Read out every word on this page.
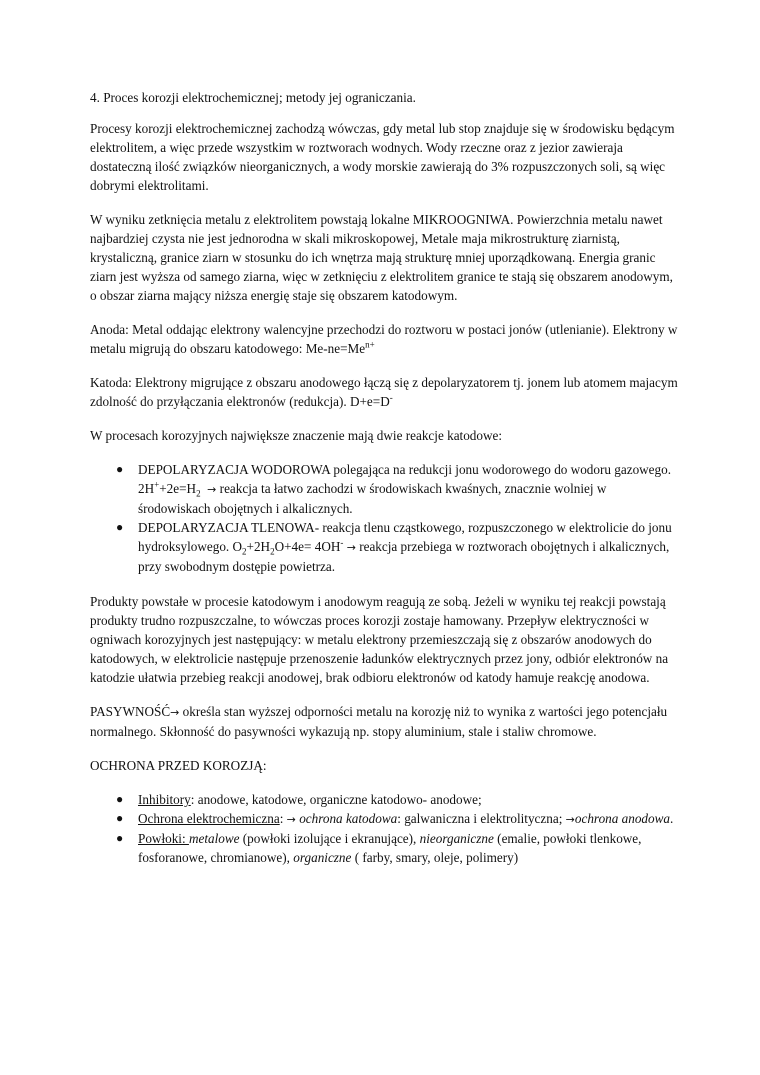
4. Proces korozji elektrochemicznej; metody jej ograniczania.

Procesy korozji elektrochemicznej zachodzą wówczas, gdy metal lub stop znajduje się w środowisku będącym elektrolitem, a więc przede wszystkim w roztworach wodnych. Wody rzeczne oraz z jezior zawieraja dostateczną ilość związków nieorganicznych, a wody morskie zawierają do 3% rozpuszczonych soli, są więc dobrymi elektrolitami.

W wyniku zetknięcia metalu z elektrolitem powstają lokalne MIKROOGNIWA. Powierzchnia metalu nawet najbardziej czysta nie jest jednorodna w skali mikroskopowej, Metale maja mikrostrukturę ziarnistą, krystaliczną, granice ziarn w stosunku do ich wnętrza mają strukturę mniej uporządkowaną. Energia granic ziarn jest wyższa od samego ziarna, więc w zetknięciu z elektrolitem granice te stają się obszarem anodowym, o obszar ziarna mający niższa energię staje się obszarem katodowym.

Anoda: Metal oddając elektrony walencyjne przechodzi do roztworu w postaci jonów (utlenianie). Elektrony w metalu migrują do obszaru katodowego: $Me-ne=Me^{n+}$

Katoda: Elektrony migrujące z obszaru anodowego łączą się z depolaryzatorem tj. jonem lub atomem majacym zdolność do przyłączania elektronów (redukcja). D+e=D-

W procesach korozyjnych największe znaczenie mają dwie reakcje katodowe:

● DEPOLARYZACJA WODOROWA polegająca na redukcji jonu wodorowego do wodoru gazowego. $2H^++2e=H_2$ → reakcja ta łatwo zachodzi w środowiskach kwaśnych, znacznie wolniej w środowiskach obojętnych i alkalicznych.
● DEPOLARYZACJA TLENOWA- reakcja tlenu cząstkowego, rozpuszczonego w elektrolicie do jonu hydroksylowego. $O_2+2H_2O+4e= 4OH^-$ → reakcja przebiega w roztworach obojętnych i alkalicznych, przy swobodnym dostępie powietrza.

Produkty powstałe w procesie katodowym i anodowym reagują ze sobą. Jeżeli w wyniku tej reakcji powstają produkty trudno rozpuszczalne, to wówczas proces korozji zostaje hamowany. Przepływ elektryczności w ogniwach korozyjnych jest następujący: w metalu elektrony przemieszczają się z obszarów anodowych do katodowych, w elektrolicie następuje przenoszenie ładunków elektrycznych przez jony, odbiór elektronów na katodzie ułatwia przebieg reakcji anodowej, brak odbioru elektronów od katody hamuje reakcję anodowa.

PASYWNOŚĆ→ określa stan wyższej odporności metalu na korozję niż to wynika z wartości jego potencjału normalnego. Skłonność do pasywności wykazują np. stopy aluminium, stale i staliw chromowe.

OCHRONA PRZED KOROZJĄ:

● Inhibitory: anodowe, katodowe, organiczne katodowo- anodowe;
● Ochrona elektrochemiczna: → ochrona katodowa: galwaniczna i elektrolityczna; →ochrona anodowa.
● Powłoki: metalowe (powłoki izolujące i ekranujące), nieorganiczne (emalie, powłoki tlenkowe, fosforanowe, chromianowe), organiczne ( farby, smary, oleje, polimery)
